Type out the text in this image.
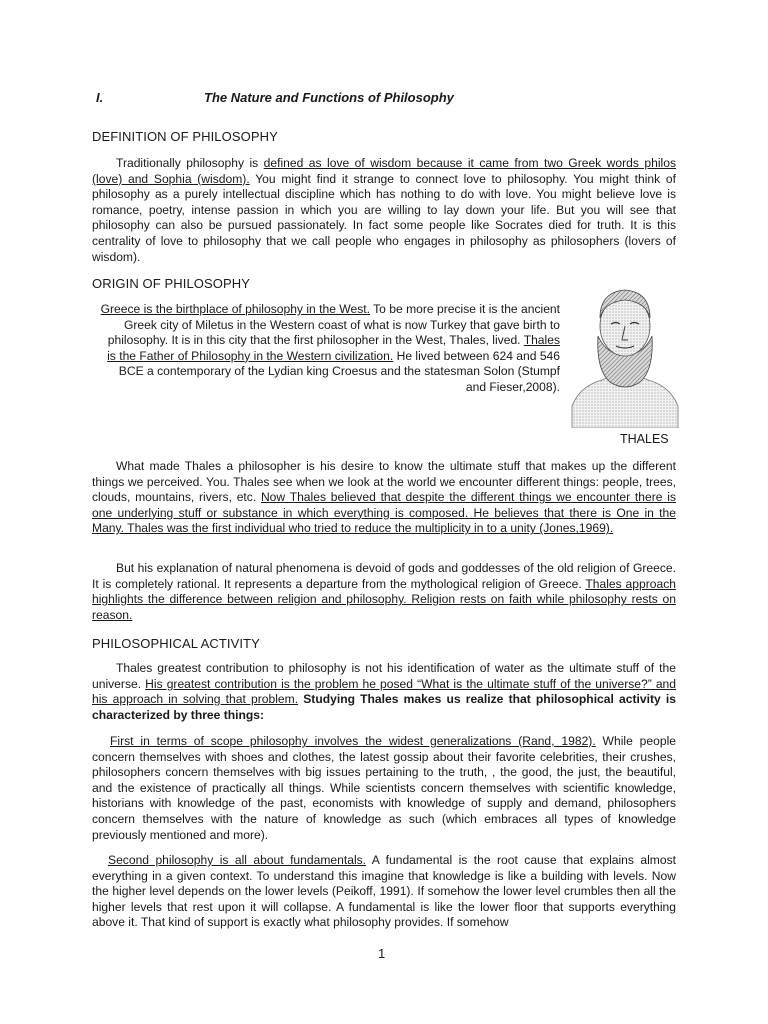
I.	The Nature and Functions of Philosophy
DEFINITION OF PHILOSOPHY

Traditionally philosophy is defined as love of wisdom because it came from two Greek words philos (love) and Sophia (wisdom). You might find it strange to connect love to philosophy. You might think of philosophy as a purely intellectual discipline which has nothing to do with love. You might believe love is romance, poetry, intense passion in which you are willing to lay down your life. But you will see that philosophy can also be pursued passionately. In fact some people like Socrates died for truth. It is this centrality of love to philosophy that we call people who engages in philosophy as philosophers (lovers of wisdom).

ORIGIN OF PHILOSOPHY

Greece is the birthplace of philosophy in the West. To be more precise it is the ancient Greek city of Miletus in the Western coast of what is now Turkey that gave birth to philosophy. It is in this city that the first philosopher in the West, Thales, lived. Thales is the Father of Philosophy in the Western civilization. He lived between 624 and 546 BCE a contemporary of the Lydian king Croesus and the statesman Solon (Stumpf and Fieser,2008).

THALES

What made Thales a philosopher is his desire to know the ultimate stuff that makes up the different things we perceived. You. Thales see when we look at the world we encounter different things: people, trees, clouds, mountains, rivers, etc. Now Thales believed that despite the different things we encounter there is one underlying stuff or substance in which everything is composed. He believes that there is One in the Many. Thales was the first individual who tried to reduce the multiplicity in to a unity (Jones,1969).

But his explanation of natural phenomena is devoid of gods and goddesses of the old religion of Greece. It is completely rational. It represents a departure from the mythological religion of Greece. Thales approach highlights the difference between religion and philosophy. Religion rests on faith while philosophy rests on reason.

PHILOSOPHICAL ACTIVITY

Thales greatest contribution to philosophy is not his identification of water as the ultimate stuff of the universe. His greatest contribution is the problem he posed “What is the ultimate stuff of the universe?” and his approach in solving that problem. Studying Thales makes us realize that philosophical activity is characterized by three things:

First in terms of scope philosophy involves the widest generalizations (Rand, 1982). While people concern themselves with shoes and clothes, the latest gossip about their favorite celebrities, their crushes, philosophers concern themselves with big issues pertaining to the truth, , the good, the just, the beautiful, and the existence of practically all things. While scientists concern themselves with scientific knowledge, historians with knowledge of the past, economists with knowledge of supply and demand, philosophers concern themselves with the nature of knowledge as such (which embraces all types of knowledge previously mentioned and more).

Second philosophy is all about fundamentals. A fundamental is the root cause that explains almost everything in a given context. To understand this imagine that knowledge is like a building with levels. Now the higher level depends on the lower levels (Peikoff, 1991). If somehow the lower level crumbles then all the higher levels that rest upon it will collapse. A fundamental is like the lower floor that supports everything above it. That kind of support is exactly what philosophy provides. If somehow

1
